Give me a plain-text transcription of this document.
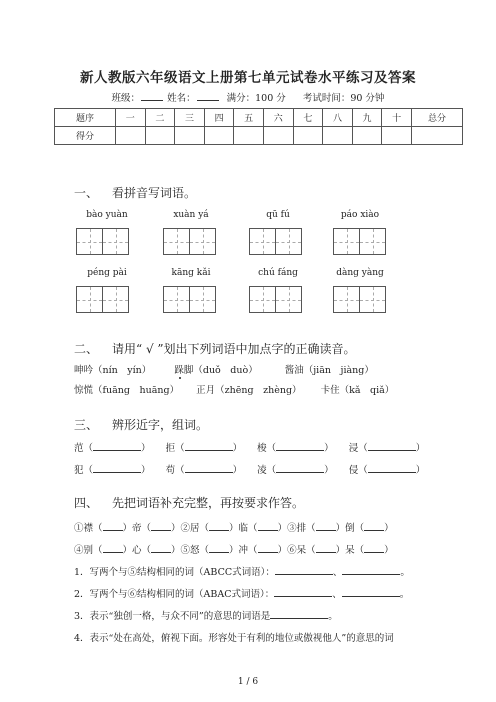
新人教版六年级语文上册第七单元试卷水平练习及答案
班级：	姓名：	满分：100 分 考试时间：90 分钟
题序	一	二	三	四	五	六	七	八	九	十	总分
得分											
一、 看拼音写词语。
bào yuàn	xuàn yá	qū fú	páo xiào
péng pài	kāng kǎi	chú fáng	dàng yàng
二、 请用“ √ ”划出下列词语中加点字的正确读音。
呻吟（nín　yín） 跺脚（duǒ　duò）	酱油（jiān　jiàng）
惊慌（fuāng　huāng） 正月（zhēng　zhèng） 卡住（kǎ　qiǎ）
三、 辨形近字，组词。
范（	） 拒（	） 梭（	） 浸（	）
犯（	） 苟（	） 凌（	） 侵（	）
四、 先把词语补充完整，再按要求作答。
①襟（ ）帝（ ）②居（ ）临（ ）③排（ ）倒（ ）
④别（ ）心（ ）⑤怒（ ）冲（ ）⑥呆（ ）呆（ ）
1．写两个与⑤结构相同的词（ABCC式词语）：	、	。
2．写两个与⑥结构相同的词（ABAC式词语）：	、	。
3．表示“独创一格，与众不同”的意思的词语是	。
4．表示“处在高处，俯视下面。形容处于有利的地位或傲视他人”的意思的词
1 / 6
